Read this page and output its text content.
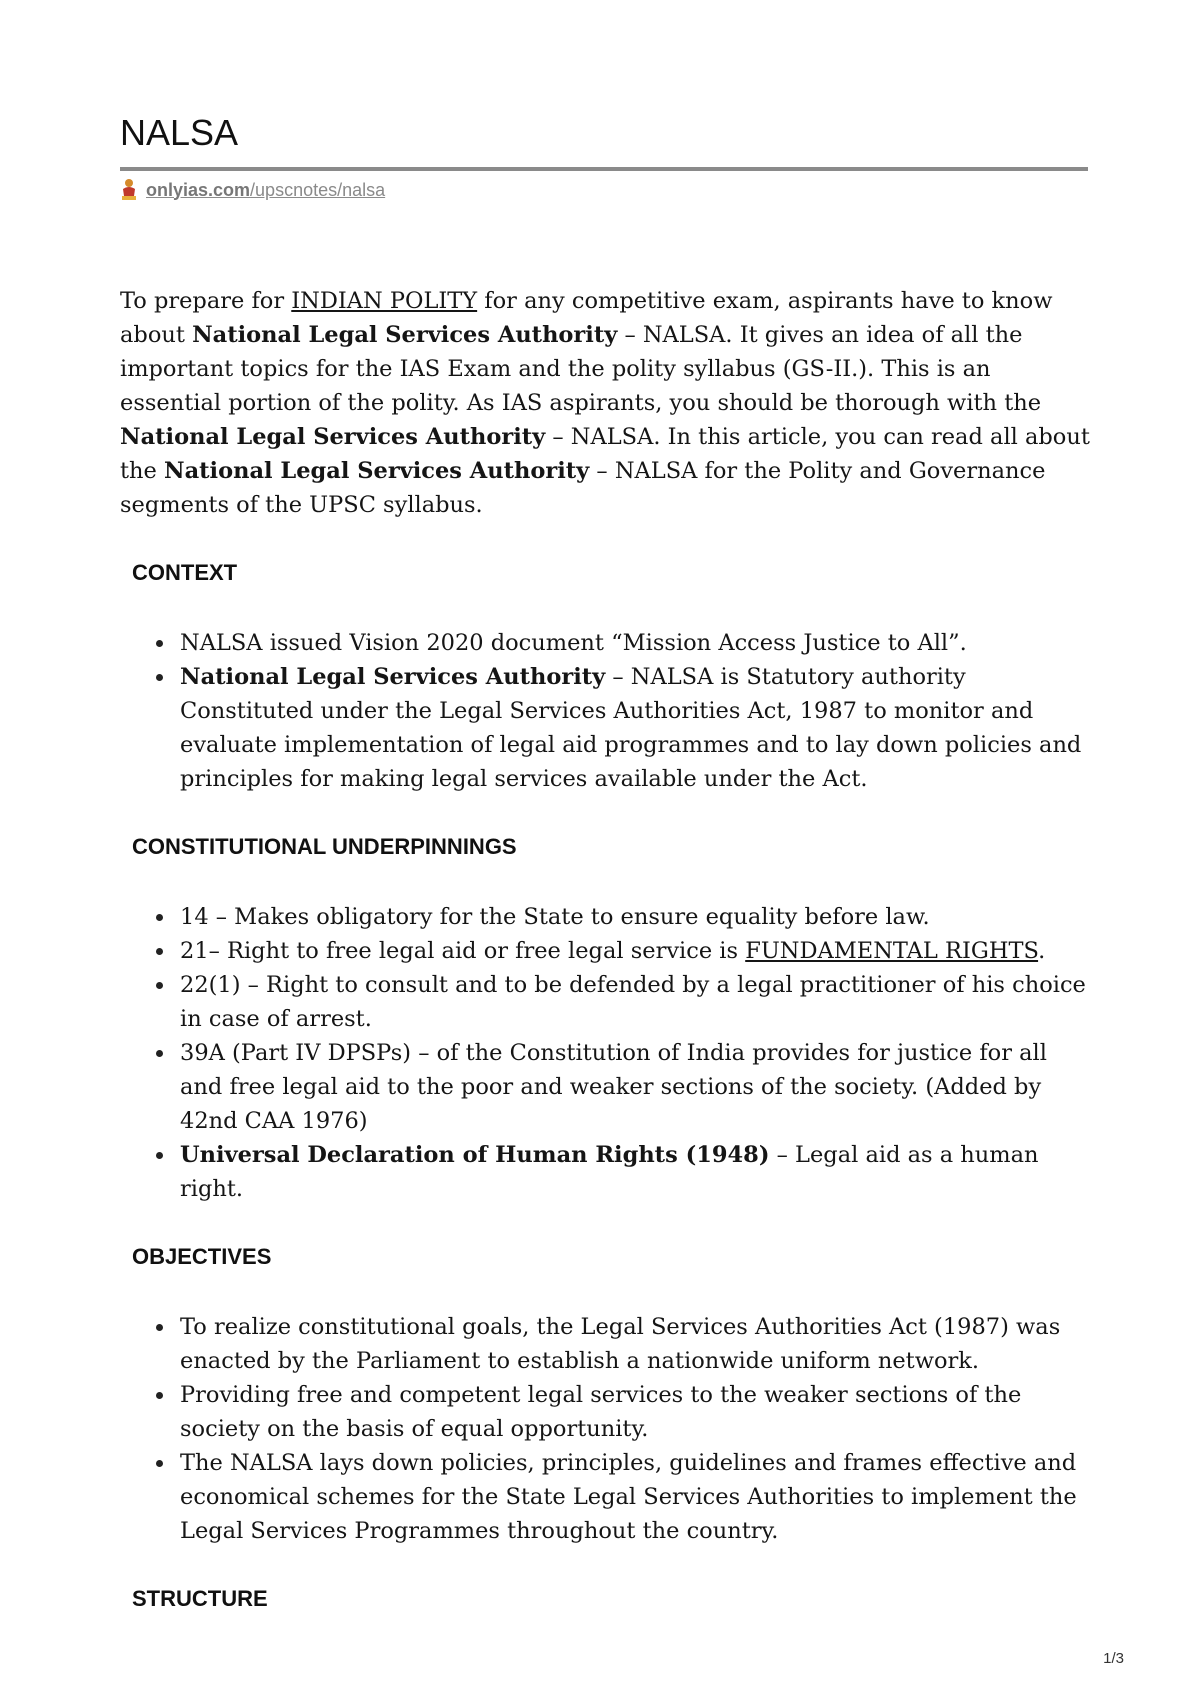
NALSA
onlyias.com/upscnotes/nalsa

To prepare for INDIAN POLITY for any competitive exam, aspirants have to know about National Legal Services Authority – NALSA. It gives an idea of all the important topics for the IAS Exam and the polity syllabus (GS-II.). This is an essential portion of the polity. As IAS aspirants, you should be thorough with the National Legal Services Authority – NALSA. In this article, you can read all about the National Legal Services Authority – NALSA for the Polity and Governance segments of the UPSC syllabus.

CONTEXT
NALSA issued Vision 2020 document “Mission Access Justice to All”.
National Legal Services Authority – NALSA is Statutory authority Constituted under the Legal Services Authorities Act, 1987 to monitor and evaluate implementation of legal aid programmes and to lay down policies and principles for making legal services available under the Act.
CONSTITUTIONAL UNDERPINNINGS
14 – Makes obligatory for the State to ensure equality before law.
21– Right to free legal aid or free legal service is FUNDAMENTAL RIGHTS.
22(1) – Right to consult and to be defended by a legal practitioner of his choice in case of arrest.
39A (Part IV DPSPs) – of the Constitution of India provides for justice for all and free legal aid to the poor and weaker sections of the society. (Added by 42nd CAA 1976)
Universal Declaration of Human Rights (1948) – Legal aid as a human right.
OBJECTIVES
To realize constitutional goals, the Legal Services Authorities Act (1987) was enacted by the Parliament to establish a nationwide uniform network.
Providing free and competent legal services to the weaker sections of the society on the basis of equal opportunity.
The NALSA lays down policies, principles, guidelines and frames effective and economical schemes for the State Legal Services Authorities to implement the Legal Services Programmes throughout the country.
STRUCTURE
1/3
